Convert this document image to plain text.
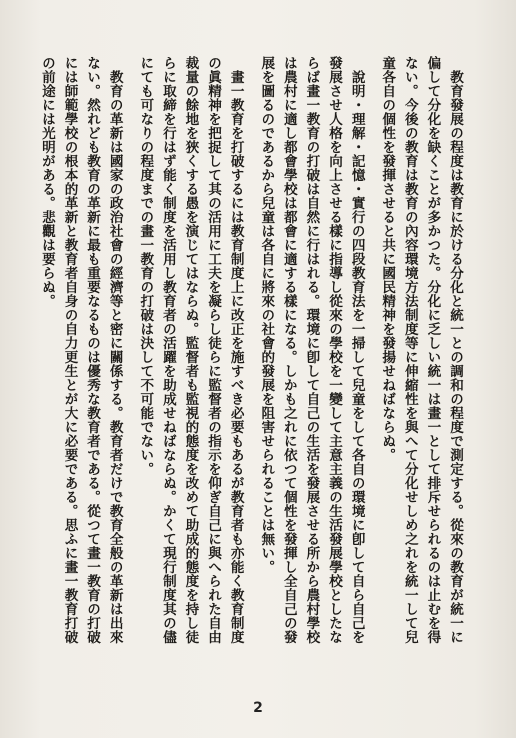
教育發展の程度は教育に於ける分化と統一との調和の程度で測定する。從來の教育が統一に偏して分化を缺くことが多かつた。分化に乏しい統一は畫一として排斥せられるのは止むを得ない。今後の教育は教育の內容環境方法制度等に伸縮性を與へて分化せしめ之れを統一して兒童各自の個性を發揮させると共に國民精神を發揚せねばならぬ。

說明・理解・記憶・實行の四段教育法を一掃して兒童をして各自の環境に卽して自ら自己を發展させ人格を向上させる樣に指導し從來の學校を一變して主意主義の生活發展學校としたならば畫一教育の打破は自然に行はれる。環境に卽して自己の生活を發展させる所から農村學校は農村に適し都會學校は都會に適する樣になる。しかも之れに依つて個性を發揮し全自己の發展を圖るのであるから兒童は各自に將來の社會的發展を阻害せられることは無い。

畫一教育を打破するには教育制度上に改正を施すべき必要もあるが教育者も亦能く教育制度の眞精神を把捉して其の活用に工夫を凝らし徒らに監督者の指示を仰ぎ自己に與へられた自由裁量の餘地を狹くする愚を演じてはならぬ。監督者も監視的態度を改めて助成的態度を持し徒らに取締を行はず能く制度を活用し教育者の活躍を助成せねばならぬ。かくて現行制度其の儘にても可なりの程度までの畫一教育の打破は決して不可能でない。

教育の革新は國家の政治社會の經濟等と密に關係する。教育者だけで教育全般の革新は出來ない。然れども教育の革新に最も重要なるものは優秀な教育者である。從つて畫一教育の打破には師範學校の根本的革新と教育者自身の自力更生とが大に必要である。思ふに畫一教育打破の前途には光明がある。悲觀は要らぬ。

2
